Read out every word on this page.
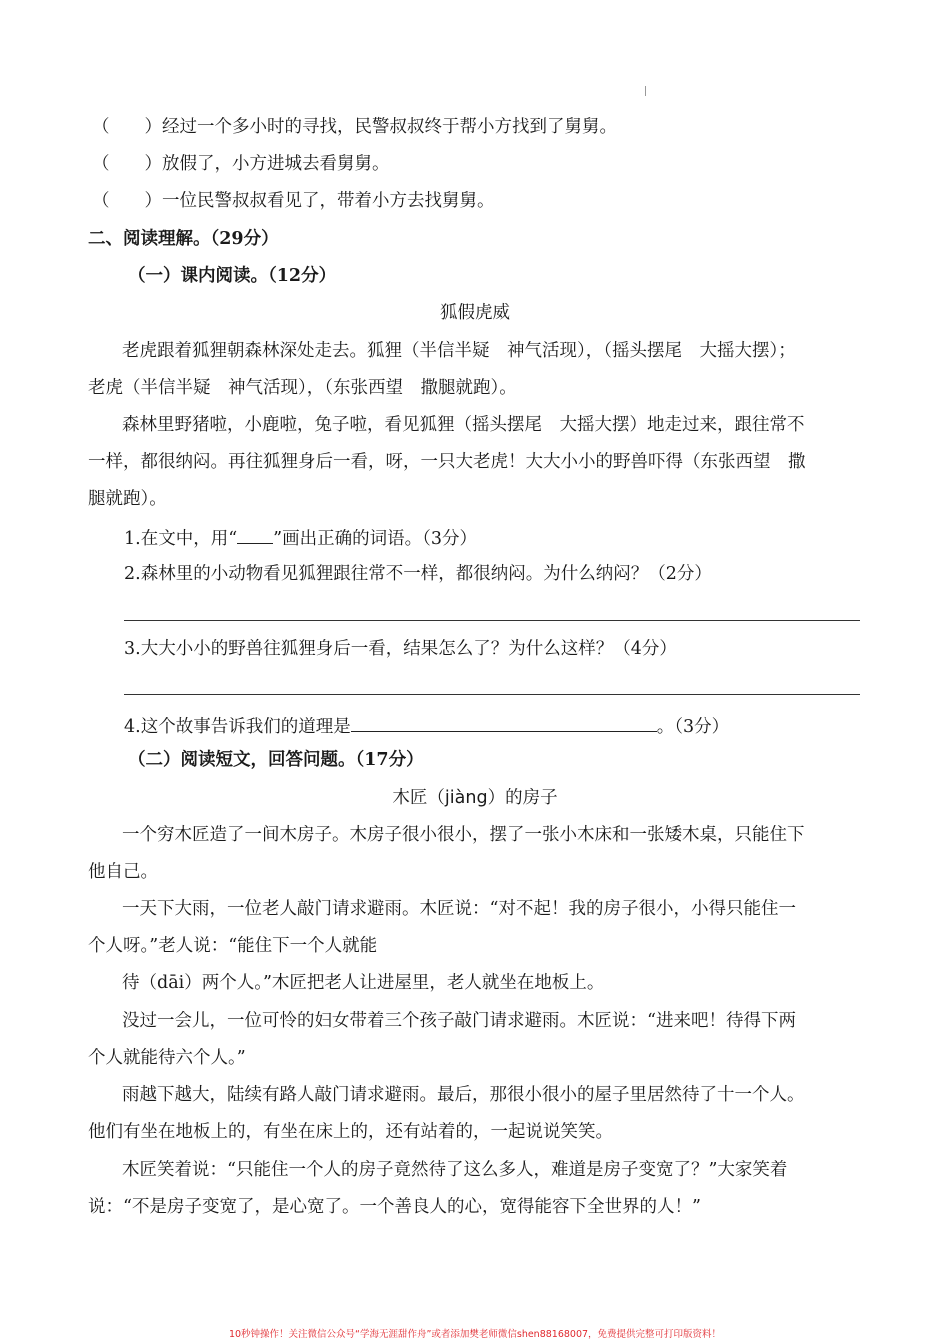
（　　）经过一个多小时的寻找，民警叔叔终于帮小方找到了舅舅。
（　　）放假了，小方进城去看舅舅。
（　　）一位民警叔叔看见了，带着小方去找舅舅。
二、阅读理解。（29分）
（一）课内阅读。（12分）
狐假虎威
老虎跟着狐狸朝森林深处走去。狐狸（半信半疑　神气活现），（摇头摆尾　大摇大摆）；
老虎（半信半疑　神气活现），（东张西望　撒腿就跑）。
森林里野猪啦，小鹿啦，兔子啦，看见狐狸（摇头摆尾　大摇大摆）地走过来，跟往常不
一样，都很纳闷。再往狐狸身后一看，呀，一只大老虎！大大小小的野兽吓得（东张西望　撒
腿就跑）。
1.在文中，用“ ”画出正确的词语。（3分）
2.森林里的小动物看见狐狸跟往常不一样，都很纳闷。为什么纳闷？（2分）
3.大大小小的野兽往狐狸身后一看，结果怎么了？为什么这样？（4分）
4.这个故事告诉我们的道理是	。（3分）
（二）阅读短文，回答问题。（17分）
木匠（jiàng）的房子
一个穷木匠造了一间木房子。木房子很小很小，摆了一张小木床和一张矮木桌，只能住下
他自己。
一天下大雨，一位老人敲门请求避雨。木匠说：“对不起！我的房子很小，小得只能住一
个人呀。”老人说：“能住下一个人就能
待（dāi）两个人。”木匠把老人让进屋里，老人就坐在地板上。
没过一会儿，一位可怜的妇女带着三个孩子敲门请求避雨。木匠说：“进来吧！待得下两
个人就能待六个人。”
雨越下越大，陆续有路人敲门请求避雨。最后，那很小很小的屋子里居然待了十一个人。
他们有坐在地板上的，有坐在床上的，还有站着的，一起说说笑笑。
木匠笑着说：“只能住一个人的房子竟然待了这么多人，难道是房子变宽了？”大家笑着
说：“不是房子变宽了，是心宽了。一个善良人的心，宽得能容下全世界的人！”
10秒钟操作！关注微信公众号“学海无涯甜作舟”或者添加樊老师微信shen88168007，免费提供完整可打印版资料！
